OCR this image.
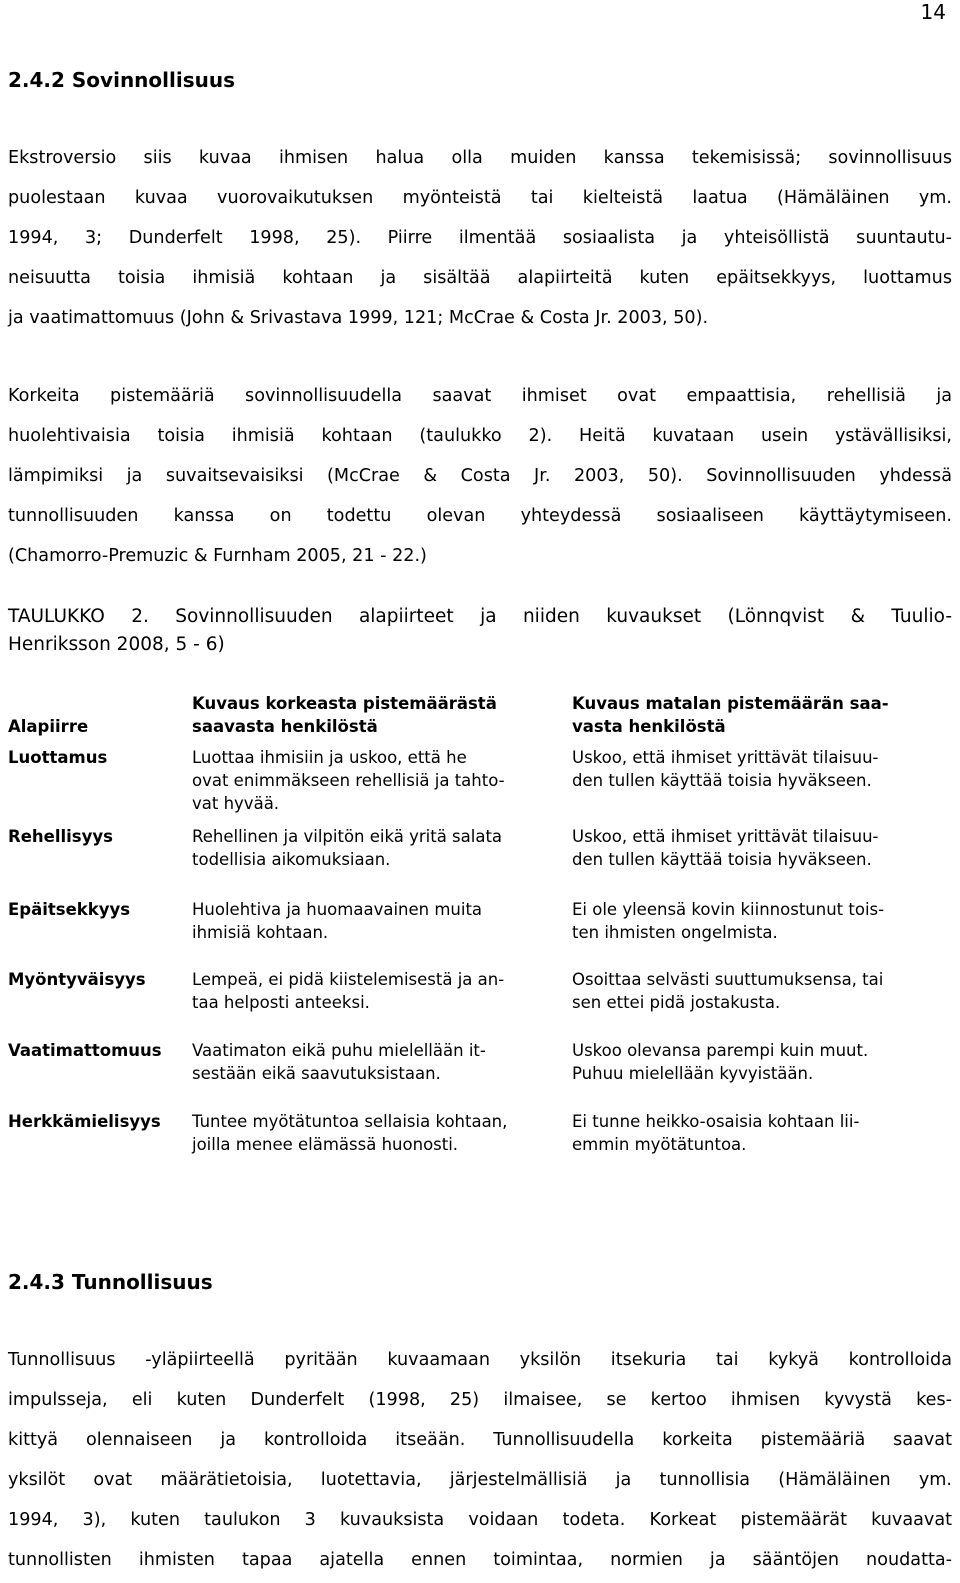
14
2.4.2 Sovinnollisuus

Ekstroversio siis kuvaa ihmisen halua olla muiden kanssa tekemisissä; sovinnollisuus
puolestaan kuvaa vuorovaikutuksen myönteistä tai kielteistä laatua (Hämäläinen ym.
1994, 3; Dunderfelt 1998, 25). Piirre ilmentää sosiaalista ja yhteisöllistä suuntautu-
neisuutta toisia ihmisiä kohtaan ja sisältää alapiirteitä kuten epäitsekkyys, luottamus
ja vaatimattomuus (John & Srivastava 1999, 121; McCrae & Costa Jr. 2003, 50).

Korkeita pistemääriä sovinnollisuudella saavat ihmiset ovat empaattisia, rehellisiä ja
huolehtivaisia toisia ihmisiä kohtaan (taulukko 2). Heitä kuvataan usein ystävällisiksi,
lämpimiksi ja suvaitsevaisiksi (McCrae & Costa Jr. 2003, 50). Sovinnollisuuden yhdessä
tunnollisuuden kanssa on todettu olevan yhteydessä sosiaaliseen käyttäytymiseen.
(Chamorro-Premuzic & Furnham 2005, 21 - 22.)

TAULUKKO 2. Sovinnollisuuden alapiirteet ja niiden kuvaukset (Lönnqvist & Tuulio-
Henriksson 2008, 5 - 6)

Alapiirre	Kuvaus korkeasta pistemäärästä
saavasta henkilöstä	Kuvaus matalan pistemäärän saa-
vasta henkilöstä

Luottamus	Luottaa ihmisiin ja uskoo, että he
ovat enimmäkseen rehellisiä ja tahto-
vat hyvää.	Uskoo, että ihmiset yrittävät tilaisuu-
den tullen käyttää toisia hyväkseen.

Rehellisyys	Rehellinen ja vilpitön eikä yritä salata
todellisia aikomuksiaan.	Uskoo, että ihmiset yrittävät tilaisuu-
den tullen käyttää toisia hyväkseen.

Epäitsekkyys	Huolehtiva ja huomaavainen muita
ihmisiä kohtaan.	Ei ole yleensä kovin kiinnostunut tois-
ten ihmisten ongelmista.

Myöntyväisyys	Lempeä, ei pidä kiistelemisestä ja an-
taa helposti anteeksi.	Osoittaa selvästi suuttumuksensa, tai
sen ettei pidä jostakusta.

Vaatimattomuus	Vaatimaton eikä puhu mielellään it-
sestään eikä saavutuksistaan.	Uskoo olevansa parempi kuin muut.
Puhuu mielellään kyvyistään.

Herkkämielisyys	Tuntee myötätuntoa sellaisia kohtaan,
joilla menee elämässä huonosti.	Ei tunne heikko-osaisia kohtaan lii-
emmin myötätuntoa.
2.4.3 Tunnollisuus

Tunnollisuus -yläpiirteellä pyritään kuvaamaan yksilön itsekuria tai kykyä kontrolloida
impulsseja, eli kuten Dunderfelt (1998, 25) ilmaisee, se kertoo ihmisen kyvystä kes-
kittyä olennaiseen ja kontrolloida itseään. Tunnollisuudella korkeita pistemääriä saavat
yksilöt ovat määrätietoisia, luotettavia, järjestelmällisiä ja tunnollisia (Hämäläinen ym.
1994, 3), kuten taulukon 3 kuvauksista voidaan todeta. Korkeat pistemäärät kuvaavat
tunnollisten ihmisten tapaa ajatella ennen toimintaa, normien ja sääntöjen noudatta-
